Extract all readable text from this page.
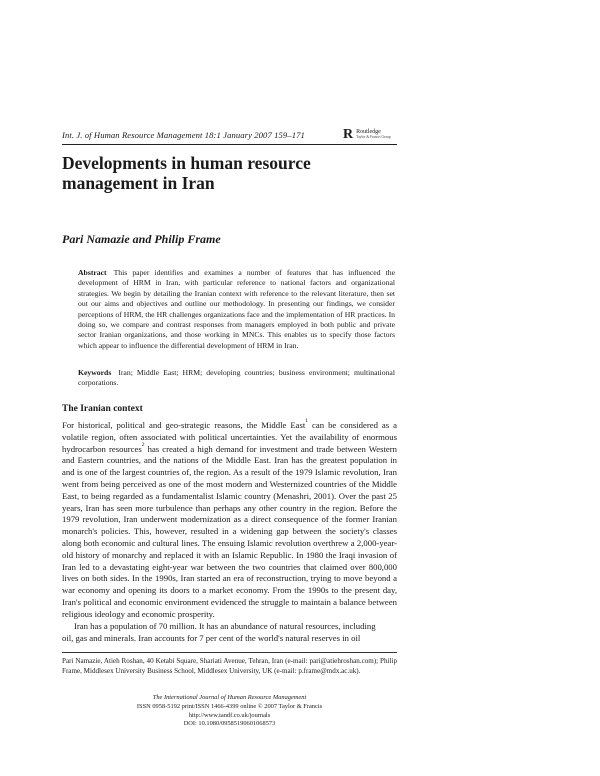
Int. J. of Human Resource Management 18:1 January 2007 159–171	R Routledge
Taylor & Francis Group
Developments in human resource management in Iran
Pari Namazie and Philip Frame

Abstract This paper identifies and examines a number of features that has influenced the development of HRM in Iran, with particular reference to national factors and organizational strategies. We begin by detailing the Iranian context with reference to the relevant literature, then set out our aims and objectives and outline our methodology. In presenting our findings, we consider perceptions of HRM, the HR challenges organizations face and the implementation of HR practices. In doing so, we compare and contrast responses from managers employed in both public and private sector Iranian organizations, and those working in MNCs. This enables us to specify those factors which appear to influence the differential development of HRM in Iran.

Keywords Iran; Middle East; HRM; developing countries; business environment; multinational corporations.

The Iranian context

For historical, political and geo-strategic reasons, the Middle East$^1$ can be considered as a volatile region, often associated with political uncertainties. Yet the availability of enormous hydrocarbon resources$^2$ has created a high demand for investment and trade between Western and Eastern countries, and the nations of the Middle East. Iran has the greatest population in and is one of the largest countries of, the region. As a result of the 1979 Islamic revolution, Iran went from being perceived as one of the most modern and Westernized countries of the Middle East, to being regarded as a fundamentalist Islamic country (Menashri, 2001). Over the past 25 years, Iran has seen more turbulence than perhaps any other country in the region. Before the 1979 revolution, Iran underwent modernization as a direct consequence of the former Iranian monarch's policies. This, however, resulted in a widening gap between the society's classes along both economic and cultural lines. The ensuing Islamic revolution overthrew a 2,000-year-old history of monarchy and replaced it with an Islamic Republic. In 1980 the Iraqi invasion of Iran led to a devastating eight-year war between the two countries that claimed over 800,000 lives on both sides. In the 1990s, Iran started an era of reconstruction, trying to move beyond a war economy and opening its doors to a market economy. From the 1990s to the present day, Iran's political and economic environment evidenced the struggle to maintain a balance between religious ideology and economic prosperity.

Iran has a population of 70 million. It has an abundance of natural resources, including
oil, gas and minerals. Iran accounts for 7 per cent of the world's natural reserves in oil

Pari Namazie, Atieh Roshan, 40 Ketabi Square, Shariati Avenue, Tehran, Iran (e-mail: pari@atiehroshan.com); Philip Frame, Middlesex University Business School, Middlesex University, UK (e-mail: p.frame@mdx.ac.uk).

The International Journal of Human Resource Management
ISSN 0958-5192 print/ISSN 1466-4399 online © 2007 Taylor & Francis
http://www.tandf.co.uk/journals
DOI: 10.1080/09585190601068573
